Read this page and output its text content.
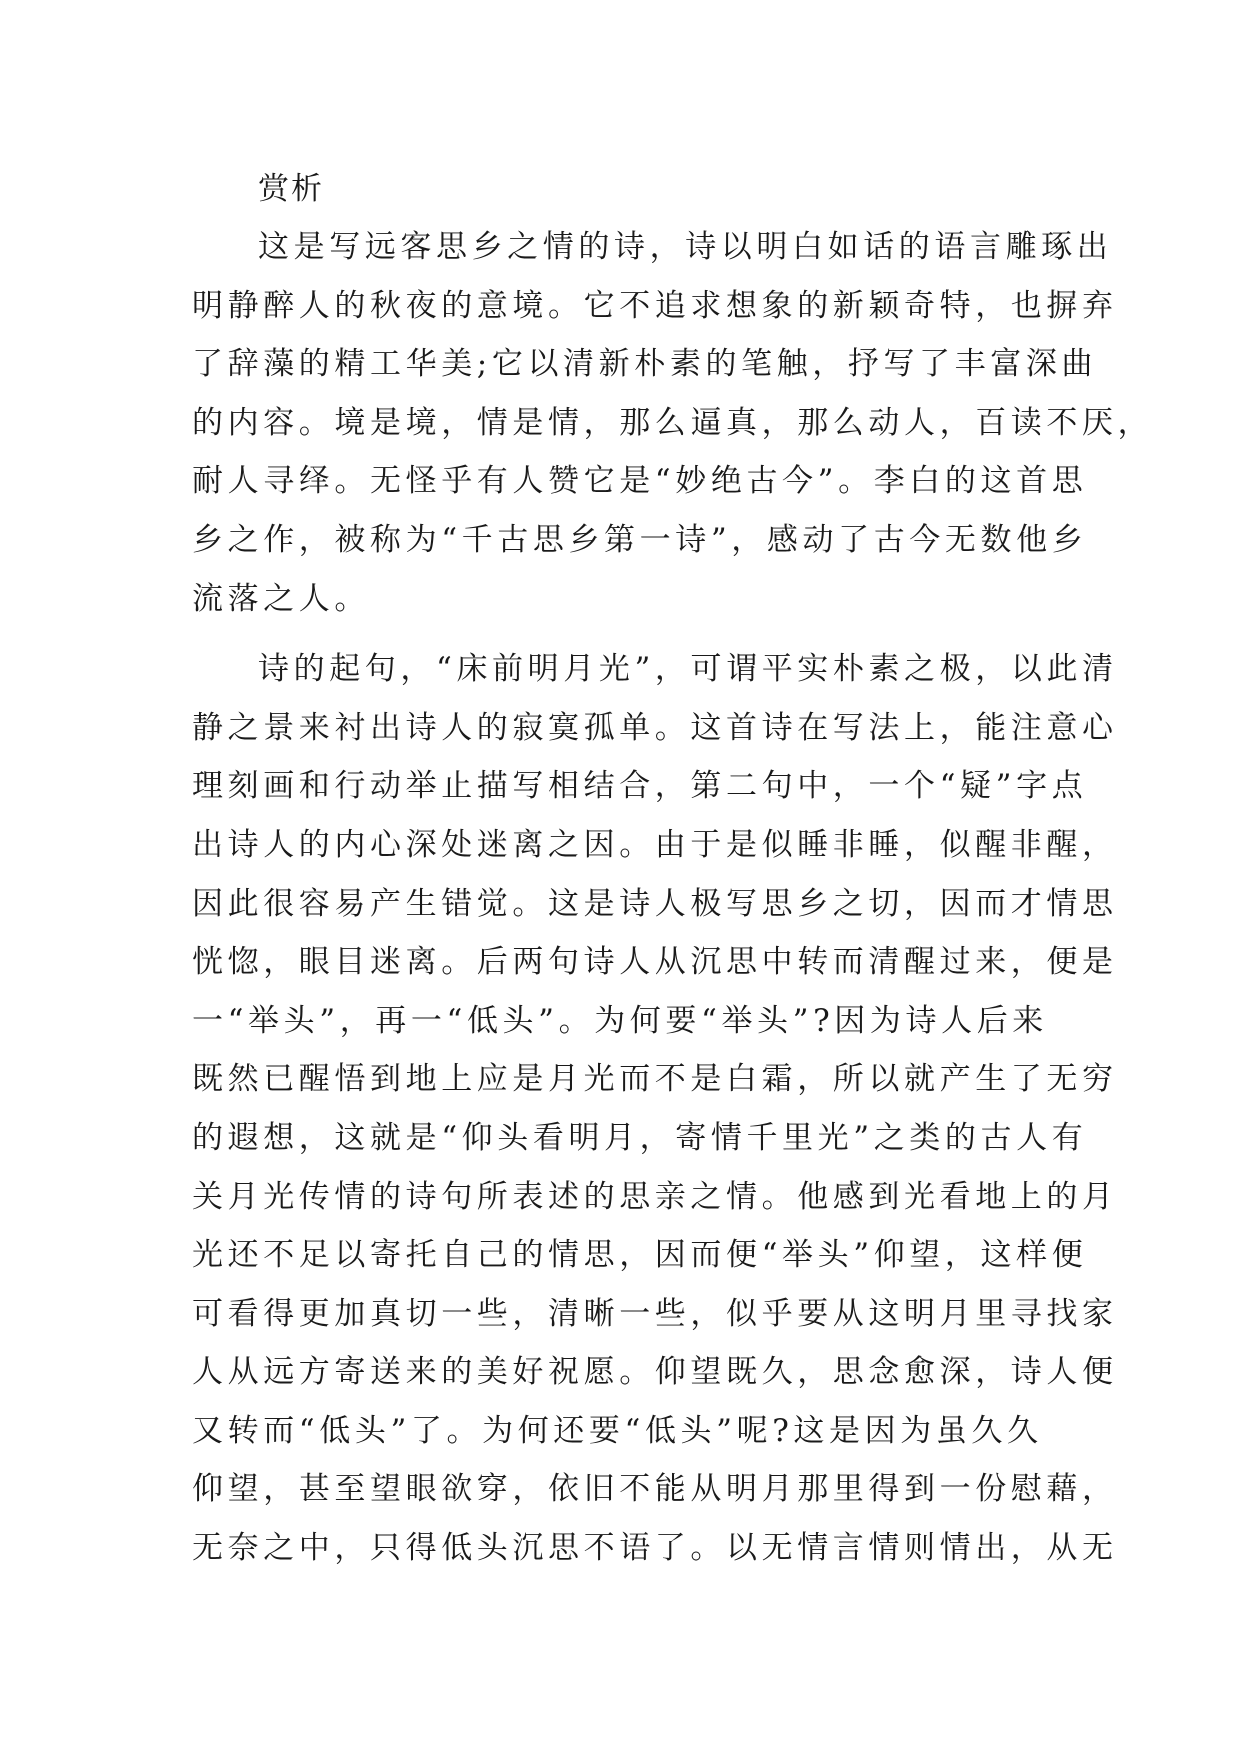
赏析
这是写远客思乡之情的诗，诗以明白如话的语言雕琢出
明静醉人的秋夜的意境。它不追求想象的新颖奇特，也摒弃
了辞藻的精工华美;它以清新朴素的笔触，抒写了丰富深曲
的内容。境是境，情是情，那么逼真，那么动人，百读不厌，
耐人寻绎。无怪乎有人赞它是“妙绝古今”。李白的这首思
乡之作，被称为“千古思乡第一诗”，感动了古今无数他乡
流落之人。
诗的起句，“床前明月光”，可谓平实朴素之极，以此清
静之景来衬出诗人的寂寞孤单。这首诗在写法上，能注意心
理刻画和行动举止描写相结合，第二句中，一个“疑”字点
出诗人的内心深处迷离之因。由于是似睡非睡，似醒非醒，
因此很容易产生错觉。这是诗人极写思乡之切，因而才情思
恍惚，眼目迷离。后两句诗人从沉思中转而清醒过来，便是
一“举头”，再一“低头”。为何要“举头”?因为诗人后来
既然已醒悟到地上应是月光而不是白霜，所以就产生了无穷
的遐想，这就是“仰头看明月，寄情千里光”之类的古人有
关月光传情的诗句所表述的思亲之情。他感到光看地上的月
光还不足以寄托自己的情思，因而便“举头”仰望，这样便
可看得更加真切一些，清晰一些，似乎要从这明月里寻找家
人从远方寄送来的美好祝愿。仰望既久，思念愈深，诗人便
又转而“低头”了。为何还要“低头”呢?这是因为虽久久
仰望，甚至望眼欲穿，依旧不能从明月那里得到一份慰藉，
无奈之中，只得低头沉思不语了。以无情言情则情出，从无
